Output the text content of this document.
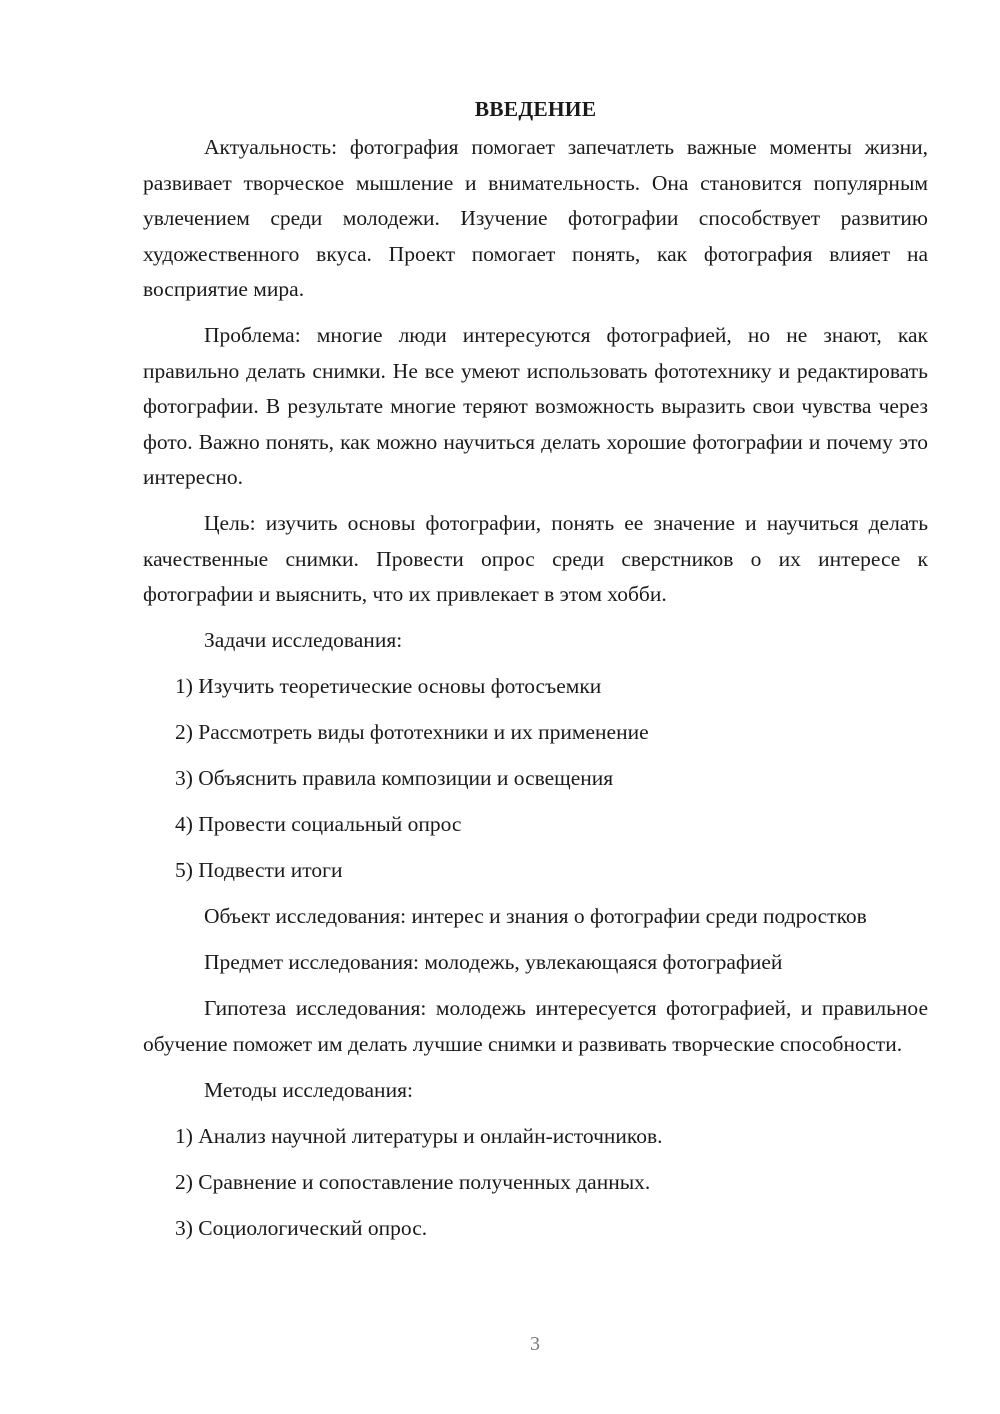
ВВЕДЕНИЕ

Актуальность: фотография помогает запечатлеть важные моменты жизни, развивает творческое мышление и внимательность. Она становится популярным увлечением среди молодежи. Изучение фотографии способствует развитию художественного вкуса. Проект помогает понять, как фотография влияет на восприятие мира.

Проблема: многие люди интересуются фотографией, но не знают, как правильно делать снимки. Не все умеют использовать фототехнику и редактировать фотографии. В результате многие теряют возможность выразить свои чувства через фото. Важно понять, как можно научиться делать хорошие фотографии и почему это интересно.

Цель: изучить основы фотографии, понять ее значение и научиться делать качественные снимки. Провести опрос среди сверстников о их интересе к фотографии и выяснить, что их привлекает в этом хобби.

Задачи исследования:
1) Изучить теоретические основы фотосъемки
2) Рассмотреть виды фототехники и их применение
3) Объяснить правила композиции и освещения
4) Провести социальный опрос
5) Подвести итоги

Объект исследования: интерес и знания о фотографии среди подростков

Предмет исследования: молодежь, увлекающаяся фотографией

Гипотеза исследования: молодежь интересуется фотографией, и правильное обучение поможет им делать лучшие снимки и развивать творческие способности.

Методы исследования:
1) Анализ научной литературы и онлайн-источников.
2) Сравнение и сопоставление полученных данных.
3) Социологический опрос.
3
